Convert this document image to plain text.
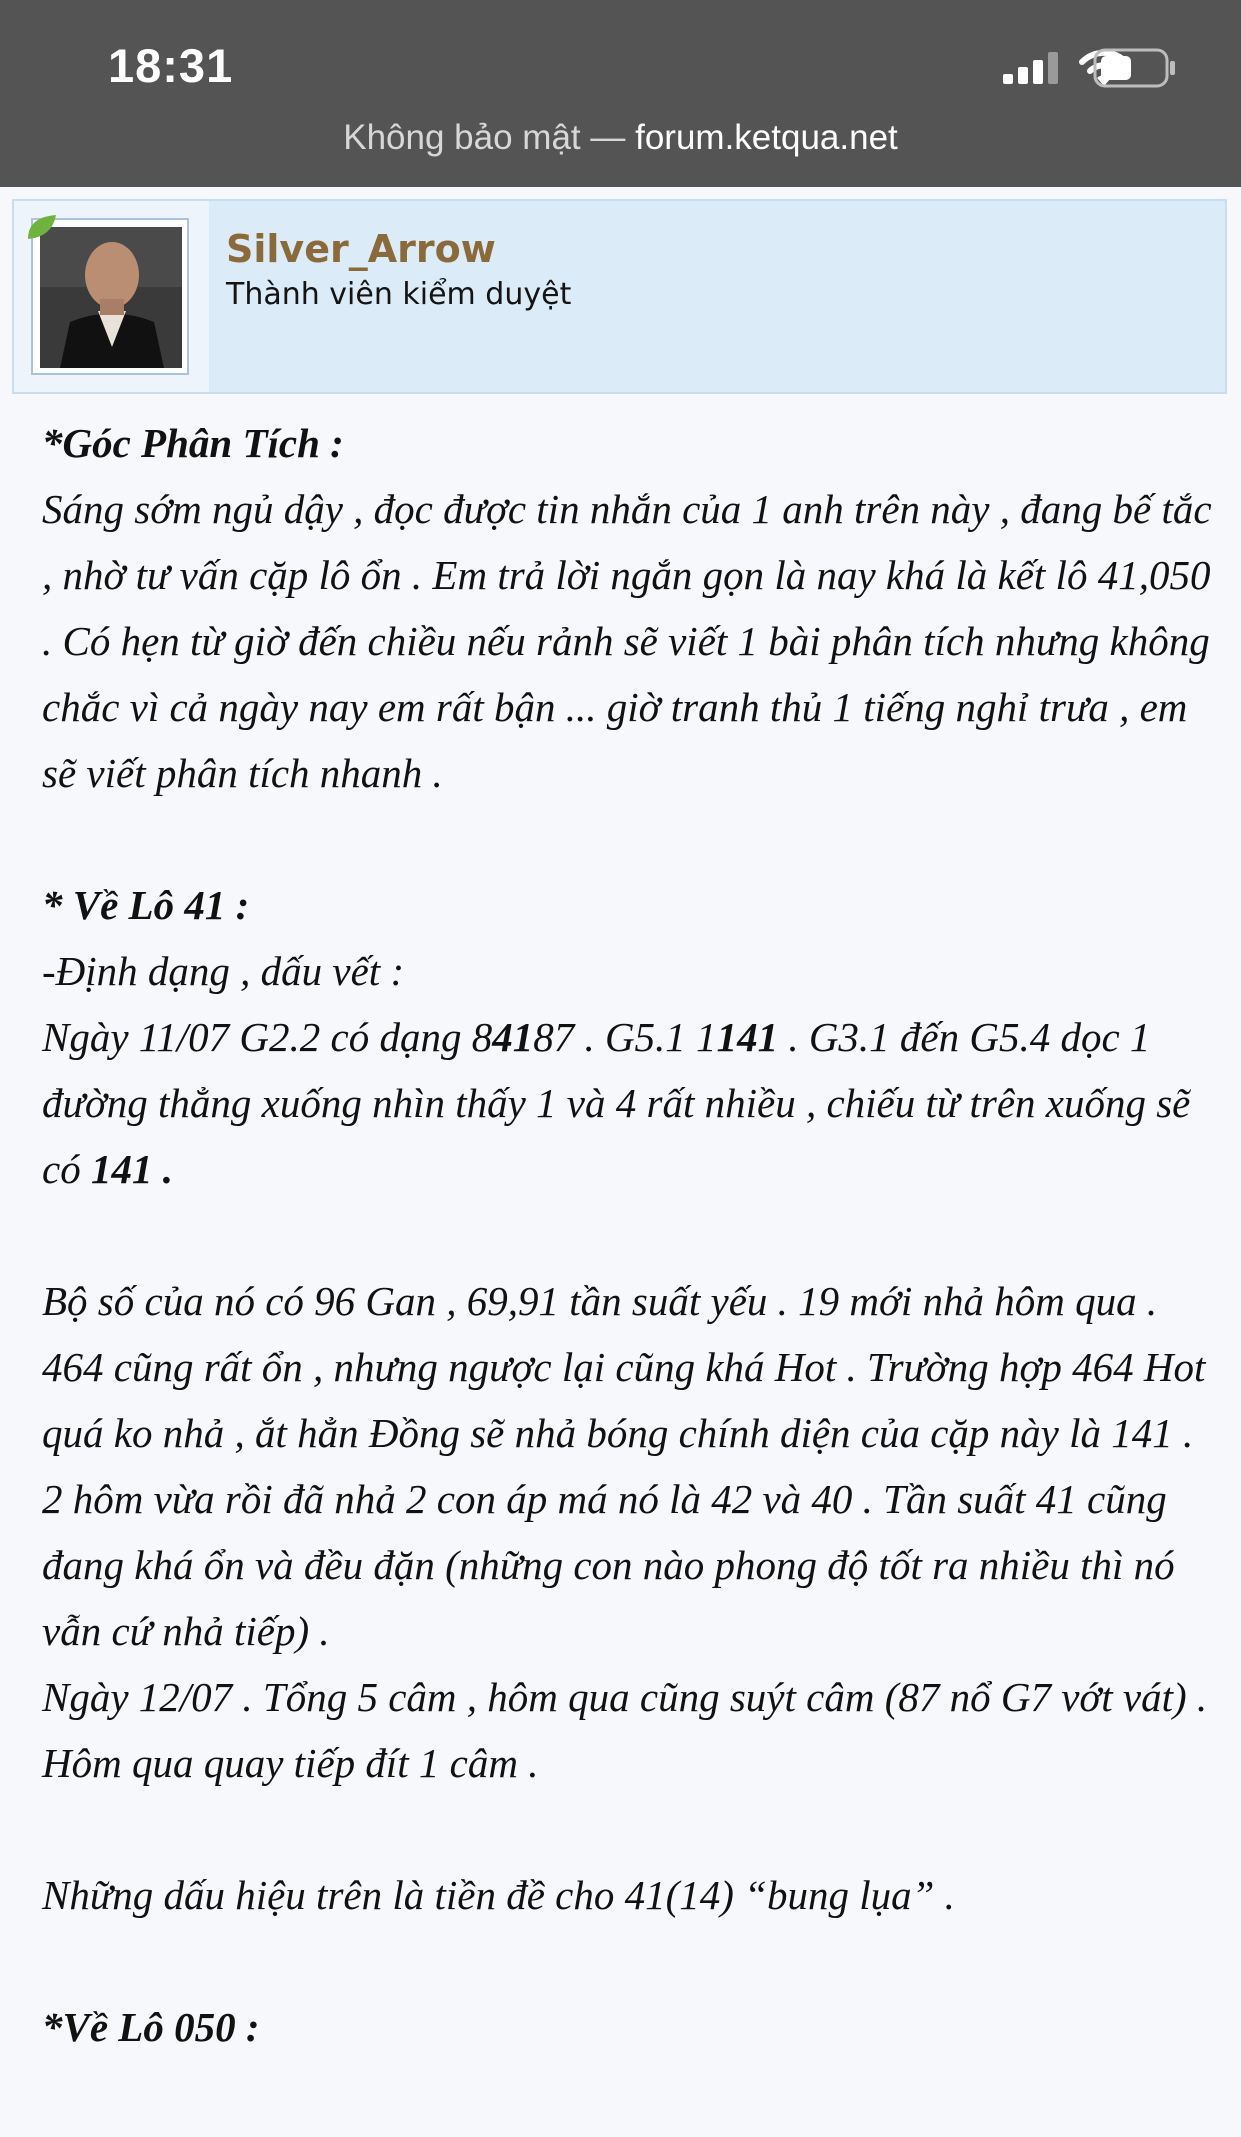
18:31
Không bảo mật — forum.ketqua.net
Silver_Arrow
Thành viên kiểm duyệt

*Góc Phân Tích :

Sáng sớm ngủ dậy , đọc được tin nhắn của 1 anh trên này , đang bế tắc , nhờ tư vấn cặp lô ổn . Em trả lời ngắn gọn là nay khá là kết lô 41,050 . Có hẹn từ giờ đến chiều nếu rảnh sẽ viết 1 bài phân tích nhưng không chắc vì cả ngày nay em rất bận ... giờ tranh thủ 1 tiếng nghỉ trưa , em sẽ viết phân tích nhanh .

* Về Lô 41 :

-Định dạng , dấu vết :

Ngày 11/07 G2.2 có dạng 84187 . G5.1 1141 . G3.1 đến G5.4 dọc 1 đường thẳng xuống nhìn thấy 1 và 4 rất nhiều , chiếu từ trên xuống sẽ có 141 .

Bộ số của nó có 96 Gan , 69,91 tần suất yếu . 19 mới nhả hôm qua . 464 cũng rất ổn , nhưng ngược lại cũng khá Hot . Trường hợp 464 Hot quá ko nhả , ắt hẳn Đồng sẽ nhả bóng chính diện của cặp này là 141 .

2 hôm vừa rồi đã nhả 2 con áp má nó là 42 và 40 . Tần suất 41 cũng đang khá ổn và đều đặn (những con nào phong độ tốt ra nhiều thì nó vẫn cứ nhả tiếp) .

Ngày 12/07 . Tổng 5 câm , hôm qua cũng suýt câm (87 nổ G7 vớt vát) . Hôm qua quay tiếp đít 1 câm .

Những dấu hiệu trên là tiền đề cho 41(14) “bung lụa” .

*Về Lô 050 :
